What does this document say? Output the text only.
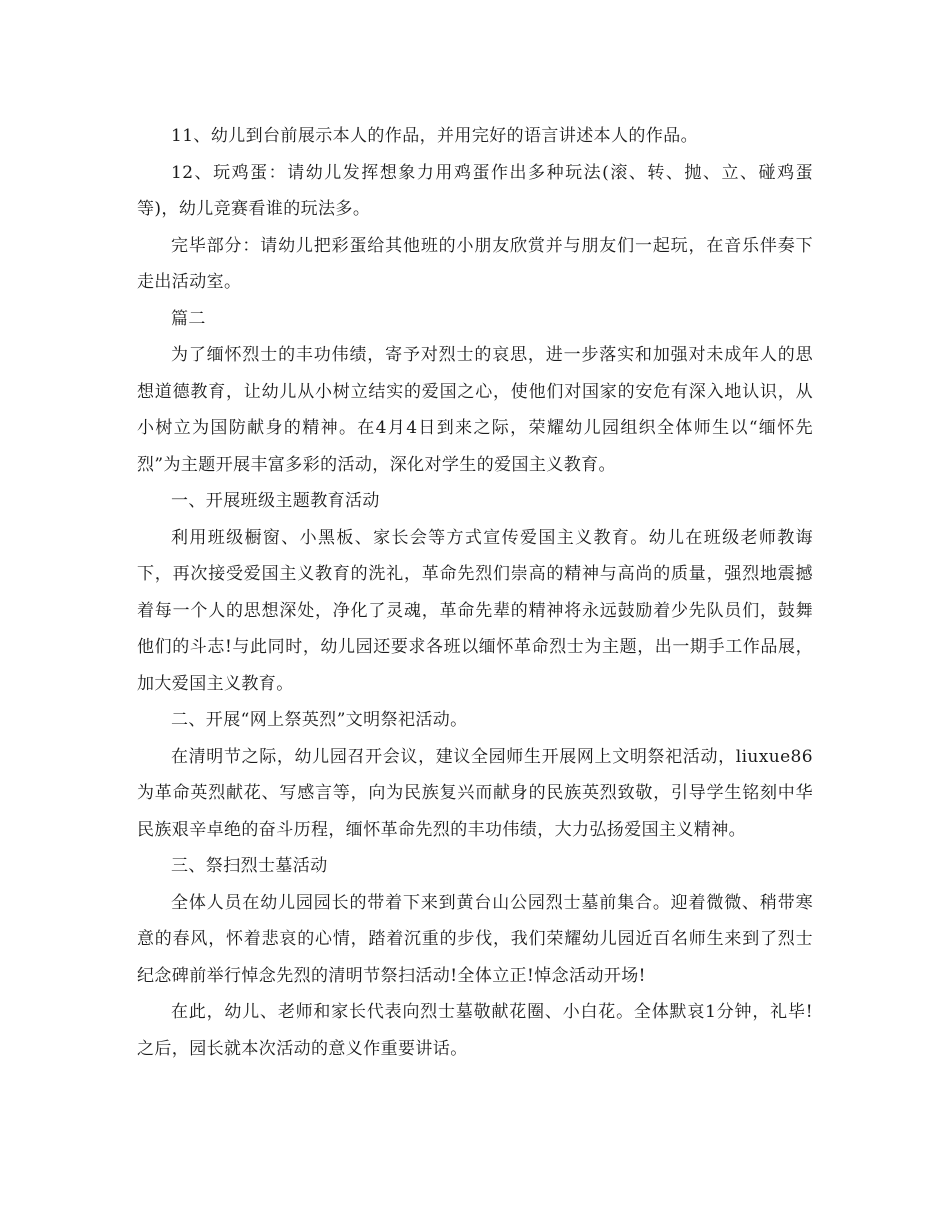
11、幼儿到台前展示本人的作品，并用完好的语言讲述本人的作品。

12、玩鸡蛋：请幼儿发挥想象力用鸡蛋作出多种玩法(滚、转、抛、立、碰鸡蛋等)，幼儿竞赛看谁的玩法多。

完毕部分：请幼儿把彩蛋给其他班的小朋友欣赏并与朋友们一起玩，在音乐伴奏下走出活动室。

篇二

为了缅怀烈士的丰功伟绩，寄予对烈士的哀思，进一步落实和加强对未成年人的思想道德教育，让幼儿从小树立结实的爱国之心，使他们对国家的安危有深入地认识，从小树立为国防献身的精神。在4月4日到来之际，荣耀幼儿园组织全体师生以“缅怀先烈”为主题开展丰富多彩的活动，深化对学生的爱国主义教育。

一、开展班级主题教育活动

利用班级橱窗、小黑板、家长会等方式宣传爱国主义教育。幼儿在班级老师教诲下，再次接受爱国主义教育的洗礼，革命先烈们崇高的精神与高尚的质量，强烈地震撼着每一个人的思想深处，净化了灵魂，革命先辈的精神将永远鼓励着少先队员们，鼓舞他们的斗志!与此同时，幼儿园还要求各班以缅怀革命烈士为主题，出一期手工作品展，加大爱国主义教育。

二、开展“网上祭英烈”文明祭祀活动。

在清明节之际，幼儿园召开会议，建议全园师生开展网上文明祭祀活动，liuxue86为革命英烈献花、写感言等，向为民族复兴而献身的民族英烈致敬，引导学生铭刻中华民族艰辛卓绝的奋斗历程，缅怀革命先烈的丰功伟绩，大力弘扬爱国主义精神。

三、祭扫烈士墓活动

全体人员在幼儿园园长的带着下来到黄台山公园烈士墓前集合。迎着微微、稍带寒意的春风，怀着悲哀的心情，踏着沉重的步伐，我们荣耀幼儿园近百名师生来到了烈士纪念碑前举行悼念先烈的清明节祭扫活动!全体立正!悼念活动开场!

在此，幼儿、老师和家长代表向烈士墓敬献花圈、小白花。全体默哀1分钟，礼毕! 之后，园长就本次活动的意义作重要讲话。
